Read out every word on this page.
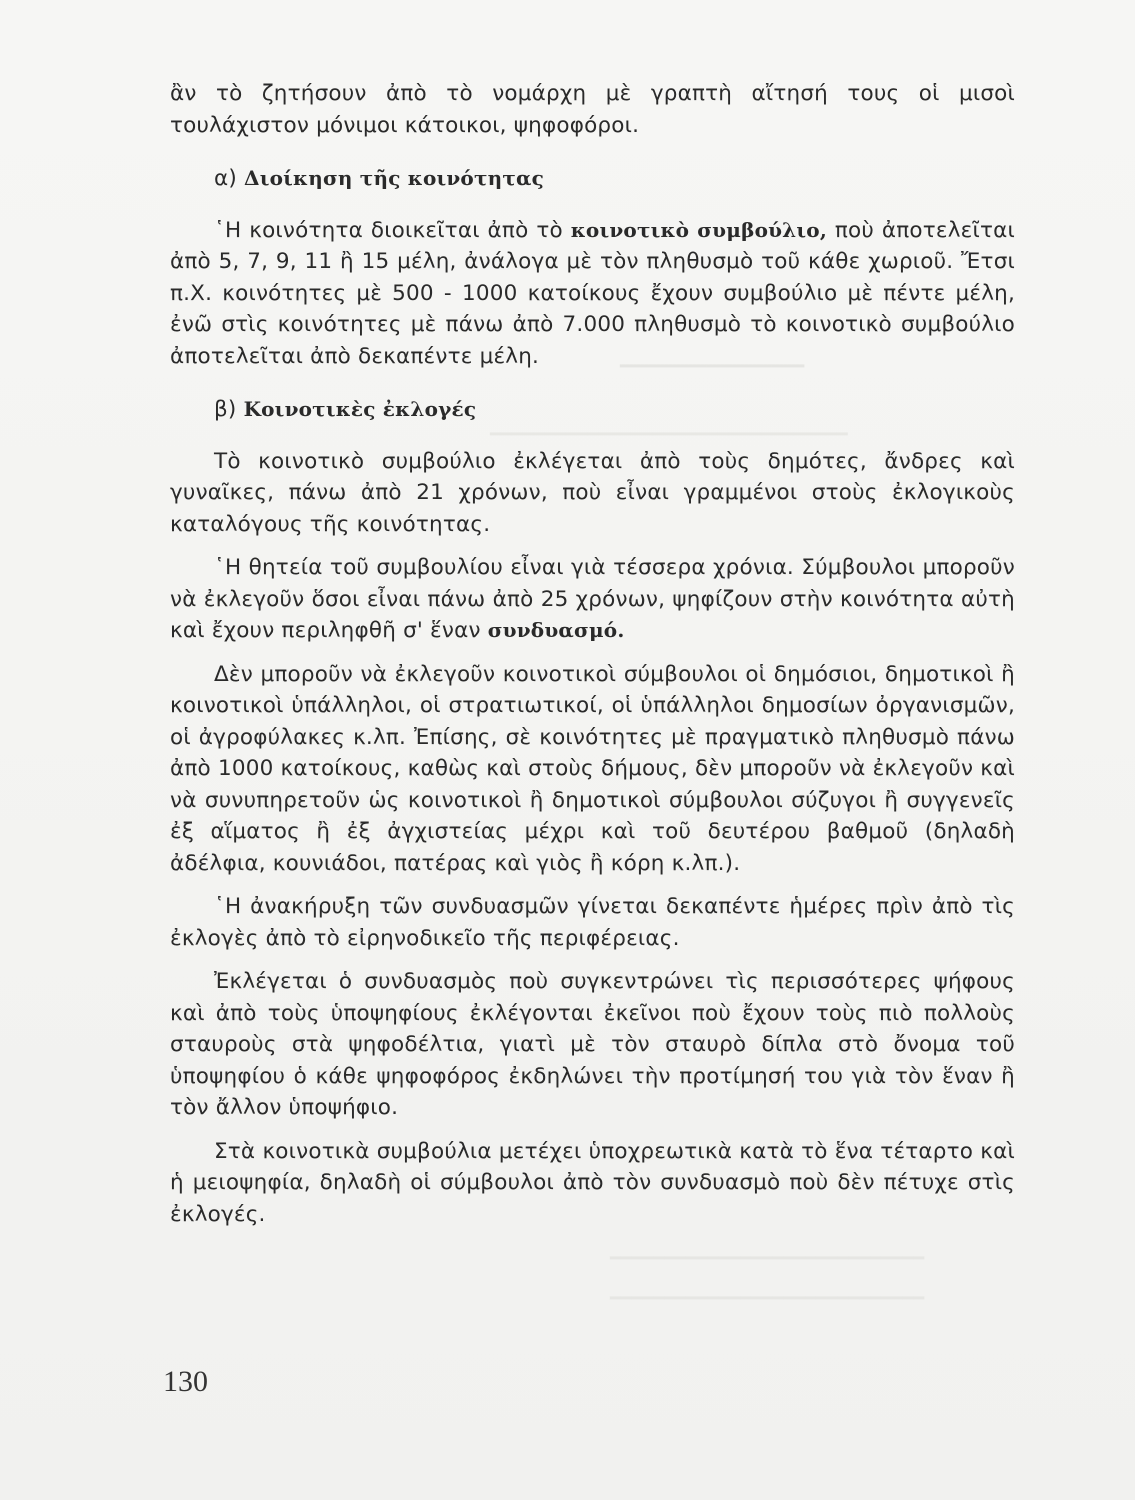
━━━━━━━━━━━━━━━━━
━━━━━━━━━━━━━━━━━━━━━━━━━━━━━━━━━
━━━━━━━━━━━━━━━━━━━━━━━━━━━━━
━━━━━━━━━━━━━━━━━━━━━━━━━━━━━

ἂν τὸ ζητήσουν ἀπὸ τὸ νομάρχη μὲ γραπτὴ αἴτησή τους οἱ μισοὶ τουλάχιστον μόνιμοι κάτοικοι, ψηφοφόροι.

α) Διοίκηση τῆς κοινότητας

῾Η κοινότητα διοικεῖται ἀπὸ τὸ κοινοτικὸ συμβούλιο, ποὺ ἀποτελεῖται ἀπὸ 5, 7, 9, 11 ἢ 15 μέλη, ἀνάλογα μὲ τὸν πληθυσμὸ τοῦ κάθε χωριοῦ. Ἔτσι π.Χ. κοινότητες μὲ 500 - 1000 κατοίκους ἔχουν συμβούλιο μὲ πέντε μέλη, ἐνῶ στὶς κοινότητες μὲ πάνω ἀπὸ 7.000 πληθυσμὸ τὸ κοινοτικὸ συμβούλιο ἀποτελεῖται ἀπὸ δεκαπέντε μέλη.

β) Κοινοτικὲς ἐκλογές

Τὸ κοινοτικὸ συμβούλιο ἐκλέγεται ἀπὸ τοὺς δημότες, ἄνδρες καὶ γυναῖκες, πάνω ἀπὸ 21 χρόνων, ποὺ εἶναι γραμμένοι στοὺς ἐκλογικοὺς καταλόγους τῆς κοινότητας.

῾Η θητεία τοῦ συμβουλίου εἶναι γιὰ τέσσερα χρόνια. Σύμβουλοι μποροῦν νὰ ἐκλεγοῦν ὅσοι εἶναι πάνω ἀπὸ 25 χρόνων, ψηφίζουν στὴν κοινότητα αὐτὴ καὶ ἔχουν περιληφθῆ σ' ἕναν συνδυασμό.

Δὲν μποροῦν νὰ ἐκλεγοῦν κοινοτικοὶ σύμβουλοι οἱ δημόσιοι, δημοτικοὶ ἢ κοινοτικοὶ ὑπάλληλοι, οἱ στρατιωτικοί, οἱ ὑπάλληλοι δημοσίων ὀργανισμῶν, οἱ ἀγροφύλακες κ.λπ. Ἐπίσης, σὲ κοινότητες μὲ πραγματικὸ πληθυσμὸ πάνω ἀπὸ 1000 κατοίκους, καθὼς καὶ στοὺς δήμους, δὲν μποροῦν νὰ ἐκλεγοῦν καὶ νὰ συνυπηρετοῦν ὡς κοινοτικοὶ ἢ δημοτικοὶ σύμβουλοι σύζυγοι ἢ συγγενεῖς ἐξ αἵματος ἢ ἐξ ἀγχιστείας μέχρι καὶ τοῦ δευτέρου βαθμοῦ (δηλαδὴ ἀδέλφια, κουνιάδοι, πατέρας καὶ γιὸς ἢ κόρη κ.λπ.).

῾Η ἀνακήρυξη τῶν συνδυασμῶν γίνεται δεκαπέντε ἡμέρες πρὶν ἀπὸ τὶς ἐκλογὲς ἀπὸ τὸ εἰρηνοδικεῖο τῆς περιφέρειας.

Ἐκλέγεται ὁ συνδυασμὸς ποὺ συγκεντρώνει τὶς περισσότερες ψήφους καὶ ἀπὸ τοὺς ὑποψηφίους ἐκλέγονται ἐκεῖνοι ποὺ ἔχουν τοὺς πιὸ πολλοὺς σταυροὺς στὰ ψηφοδέλτια, γιατὶ μὲ τὸν σταυρὸ δίπλα στὸ ὄνομα τοῦ ὑποψηφίου ὁ κάθε ψηφοφόρος ἐκδηλώνει τὴν προτίμησή του γιὰ τὸν ἕναν ἢ τὸν ἄλλον ὑποψήφιο.

Στὰ κοινοτικὰ συμβούλια μετέχει ὑποχρεωτικὰ κατὰ τὸ ἕνα τέταρτο καὶ ἡ μειοψηφία, δηλαδὴ οἱ σύμβουλοι ἀπὸ τὸν συνδυασμὸ ποὺ δὲν πέτυχε στὶς ἐκλογές.

130
